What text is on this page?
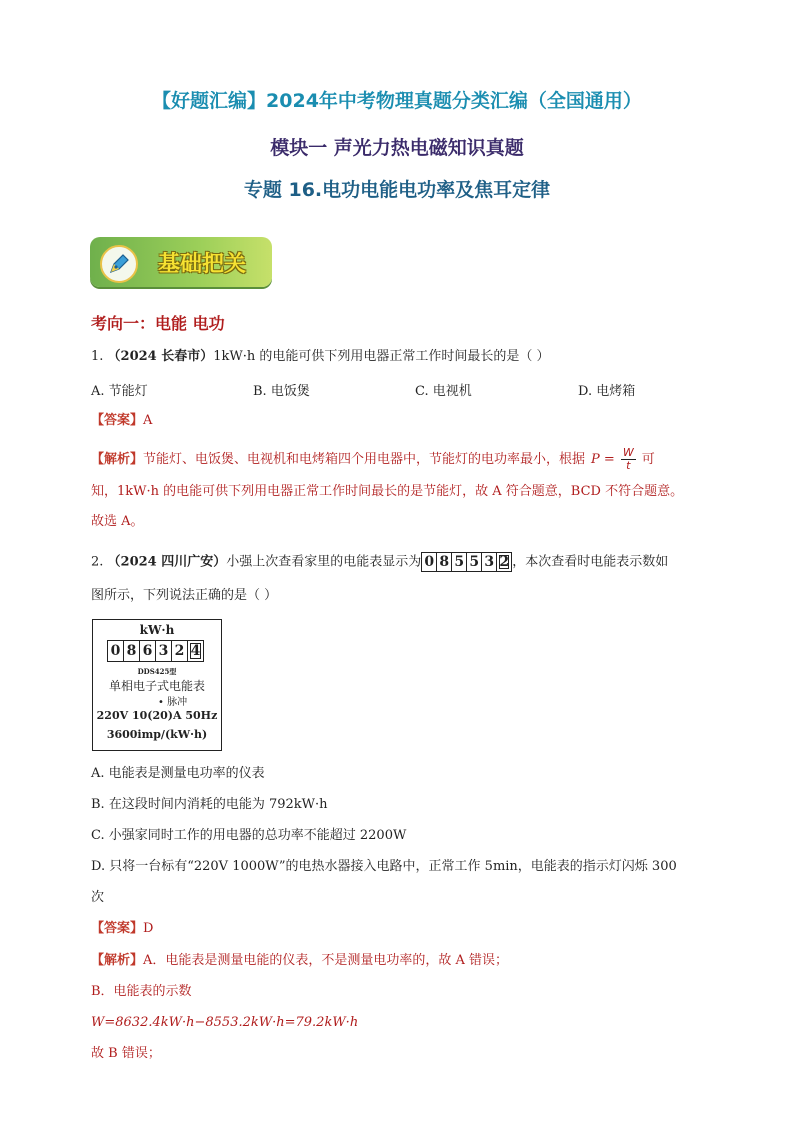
【好题汇编】2024年中考物理真题分类汇编（全国通用）
模块一 声光力热电磁知识真题
专题 16.电功电能电功率及焦耳定律
基础把关
考向一：电能 电功
1. （2024 长春市）1kW·h 的电能可供下列用电器正常工作时间最长的是（ ）
A. 节能灯	B. 电饭煲	C. 电视机	D. 电烤箱
【答案】A
【解析】节能灯、电饭煲、电视机和电烤箱四个用电器中，节能灯的电功率最小，根据 $P = \frac{W}{t}$ 可
知，1kW·h 的电能可供下列用电器正常工作时间最长的是节能灯，故 A 符合题意，BCD 不符合题意。
故选 A。
2. （2024 四川广安）小强上次查看家里的电能表显示为 0 8 5 5 3 2 ，本次查看时电能表示数如
图所示，下列说法正确的是（ ）
kW·h
0 8 6 3 2 4
DDS425型
单相电子式电能表
• 脉冲
220V 10(20)A 50Hz
3600imp/(kW·h)
A. 电能表是测量电功率的仪表
B. 在这段时间内消耗的电能为 792kW·h
C. 小强家同时工作的用电器的总功率不能超过 2200W
D. 只将一台标有“220V 1000W”的电热水器接入电路中，正常工作 5min，电能表的指示灯闪烁 300
次
【答案】D
【解析】A．电能表是测量电能的仪表，不是测量电功率的，故 A 错误；
B．电能表的示数
W=8632.4kW·h−8553.2kW·h=79.2kW·h
故 B 错误；
